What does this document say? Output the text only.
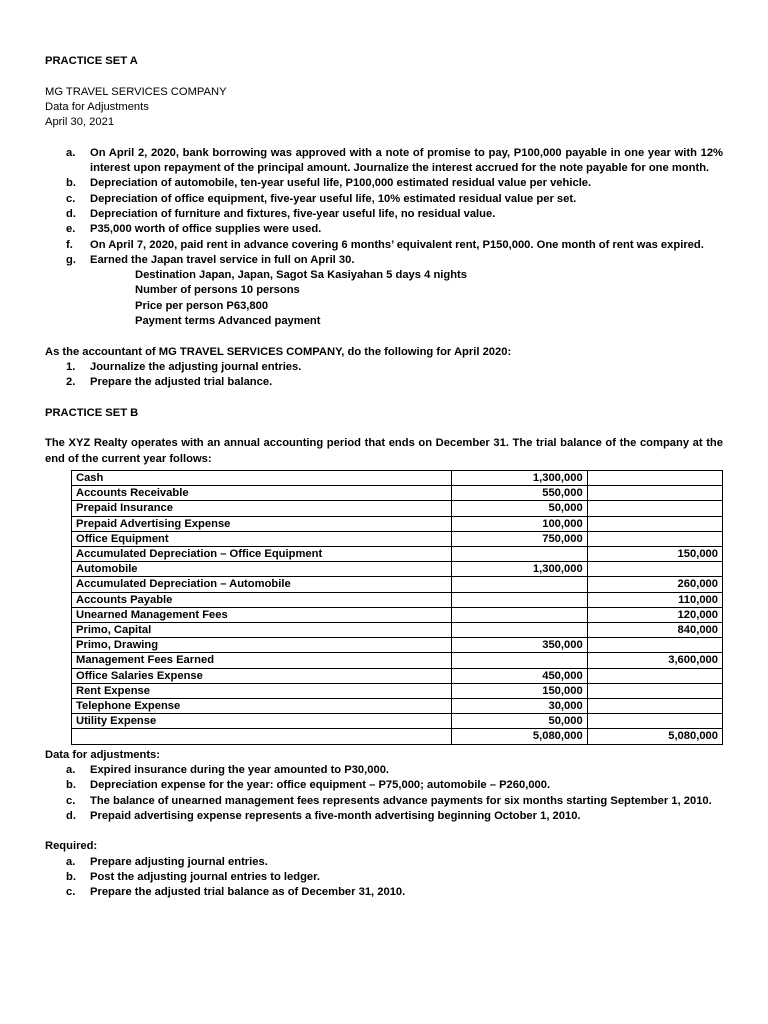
PRACTICE SET A
MG TRAVEL SERVICES COMPANY
Data for Adjustments
April 30, 2021
a. On April 2, 2020, bank borrowing was approved with a note of promise to pay, P100,000 payable in one year with 12% interest upon repayment of the principal amount. Journalize the interest accrued for the note payable for one month.
b. Depreciation of automobile, ten-year useful life, P100,000 estimated residual value per vehicle.
c. Depreciation of office equipment, five-year useful life, 10% estimated residual value per set.
d. Depreciation of furniture and fixtures, five-year useful life, no residual value.
e. P35,000 worth of office supplies were used.
f. On April 7, 2020, paid rent in advance covering 6 months’ equivalent rent, P150,000. One month of rent was expired.
g. Earned the Japan travel service in full on April 30.
Destination Japan, Japan, Sagot Sa Kasiyahan 5 days 4 nights
Number of persons 10 persons
Price per person P63,800
Payment terms Advanced payment
As the accountant of MG TRAVEL SERVICES COMPANY, do the following for April 2020:
1. Journalize the adjusting journal entries.
2. Prepare the adjusted trial balance.
PRACTICE SET B
The XYZ Realty operates with an annual accounting period that ends on December 31. The trial balance of the company at the end of the current year follows:
Cash	1,300,000	
Accounts Receivable	550,000	
Prepaid Insurance	50,000	
Prepaid Advertising Expense	100,000	
Office Equipment	750,000	
Accumulated Depreciation – Office Equipment		150,000
Automobile	1,300,000	
Accumulated Depreciation – Automobile		260,000
Accounts Payable		110,000
Unearned Management Fees		120,000
Primo, Capital		840,000
Primo, Drawing	350,000	
Management Fees Earned		3,600,000
Office Salaries Expense	450,000	
Rent Expense	150,000	
Telephone Expense	30,000	
Utility Expense	50,000	
	5,080,000	5,080,000
Data for adjustments:
a. Expired insurance during the year amounted to P30,000.
b. Depreciation expense for the year: office equipment – P75,000; automobile – P260,000.
c. The balance of unearned management fees represents advance payments for six months starting September 1, 2010.
d. Prepaid advertising expense represents a five-month advertising beginning October 1, 2010.
Required:
a. Prepare adjusting journal entries.
b. Post the adjusting journal entries to ledger.
c. Prepare the adjusted trial balance as of December 31, 2010.
